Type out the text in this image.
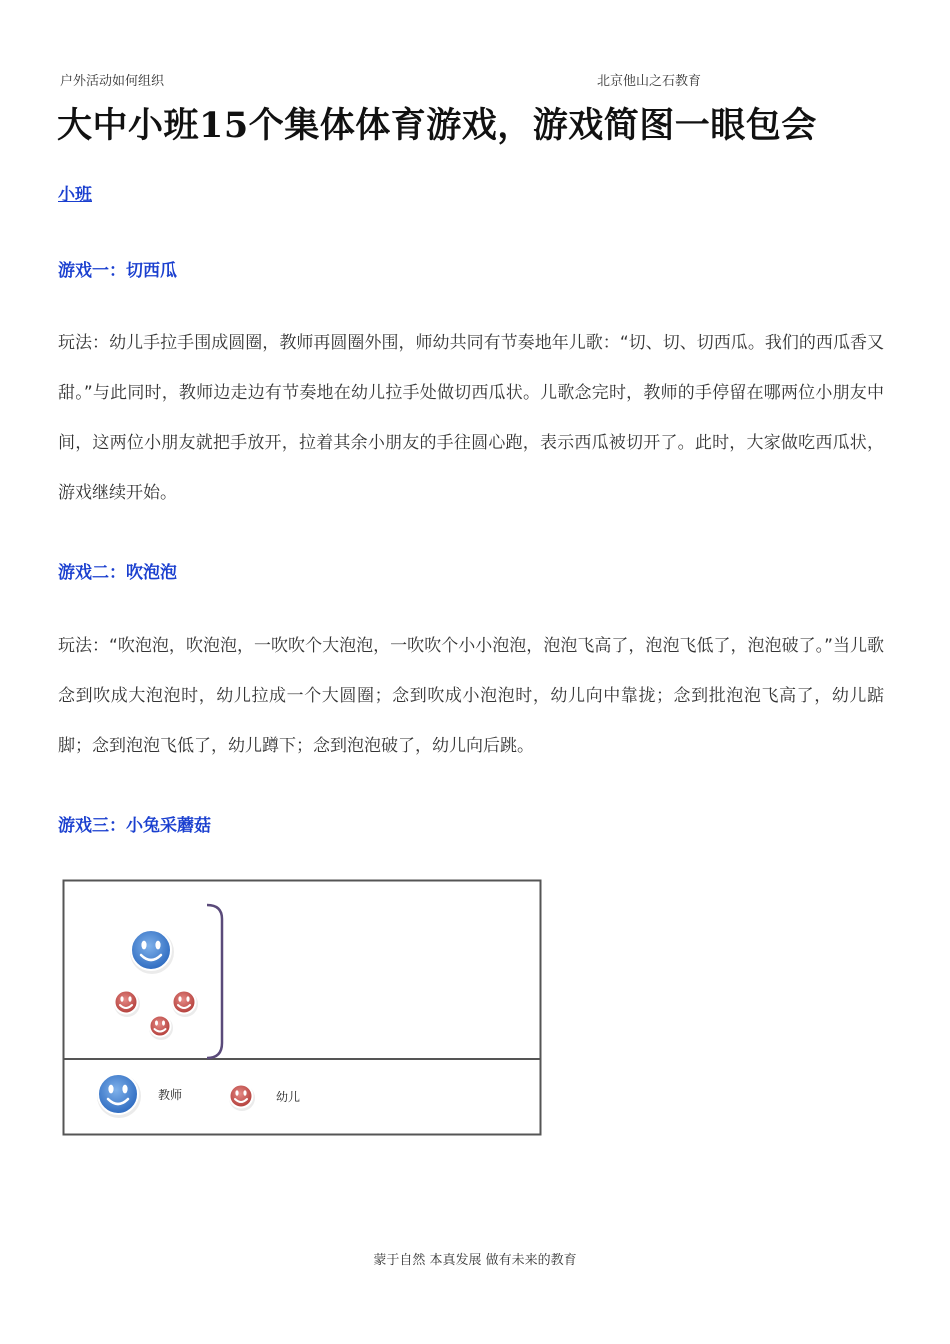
户外活动如何组织	北京他山之石教育
大中小班15个集体体育游戏，游戏简图一眼包会
小班
游戏一：切西瓜

玩法：幼儿手拉手围成圆圈，教师再圆圈外围，师幼共同有节奏地年儿歌：“切、切、切西瓜。我们的西瓜香又甜。”与此同时，教师边走边有节奏地在幼儿拉手处做切西瓜状。儿歌念完时，教师的手停留在哪两位小朋友中间，这两位小朋友就把手放开，拉着其余小朋友的手往圆心跑，表示西瓜被切开了。此时，大家做吃西瓜状，游戏继续开始。

游戏二：吹泡泡

玩法：“吹泡泡，吹泡泡，一吹吹个大泡泡，一吹吹个小小泡泡，泡泡飞高了，泡泡飞低了，泡泡破了。”当儿歌念到吹成大泡泡时，幼儿拉成一个大圆圈；念到吹成小泡泡时，幼儿向中靠拢；念到批泡泡飞高了，幼儿踮脚；念到泡泡飞低了，幼儿蹲下；念到泡泡破了，幼儿向后跳。

游戏三：小兔采蘑菇
教师	幼儿
蒙于自然 本真发展 做有未来的教育
